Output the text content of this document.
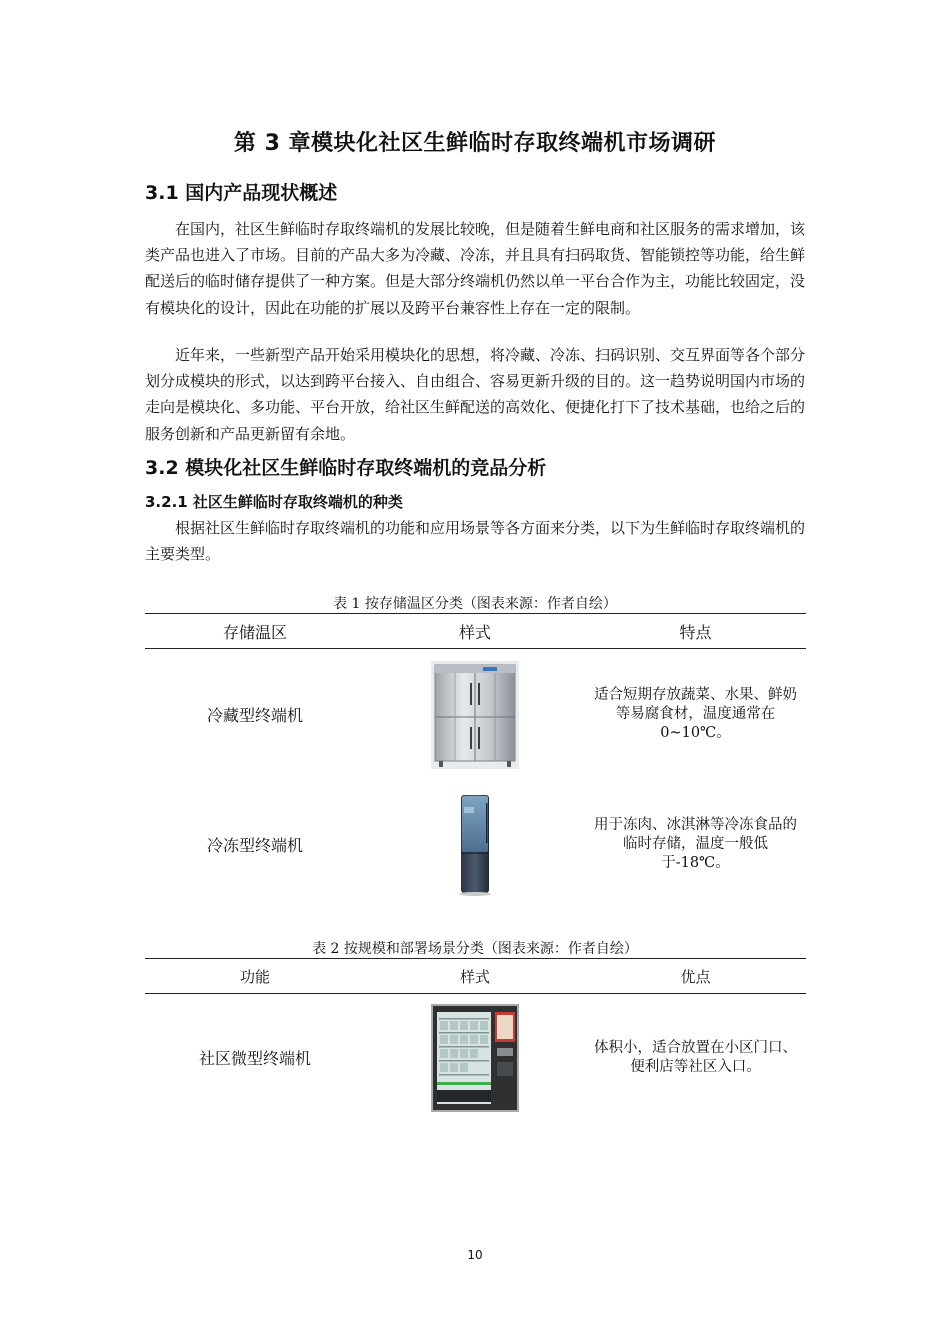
第 3 章模块化社区生鲜临时存取终端机市场调研
3.1 国内产品现状概述

在国内，社区生鲜临时存取终端机的发展比较晚，但是随着生鲜电商和社区服务的需求增加，该类产品也进入了市场。目前的产品大多为冷藏、冷冻，并且具有扫码取货、智能锁控等功能，给生鲜配送后的临时储存提供了一种方案。但是大部分终端机仍然以单一平台合作为主，功能比较固定，没有模块化的设计，因此在功能的扩展以及跨平台兼容性上存在一定的限制。

近年来，一些新型产品开始采用模块化的思想，将冷藏、冷冻、扫码识别、交互界面等各个部分划分成模块的形式，以达到跨平台接入、自由组合、容易更新升级的目的。这一趋势说明国内市场的走向是模块化、多功能、平台开放，给社区生鲜配送的高效化、便捷化打下了技术基础，也给之后的服务创新和产品更新留有余地。

3.2 模块化社区生鲜临时存取终端机的竞品分析
3.2.1 社区生鲜临时存取终端机的种类

根据社区生鲜临时存取终端机的功能和应用场景等各方面来分类，以下为生鲜临时存取终端机的主要类型。

表 1 按存储温区分类（图表来源：作者自绘）

存储温区	样式	特点
冷藏型终端机		适合短期存放蔬菜、水果、鲜奶等易腐食材，温度通常在 0~10℃。
冷冻型终端机		用于冻肉、冰淇淋等冷冻食品的临时存储，温度一般低于-18℃。

表 2 按规模和部署场景分类（图表来源：作者自绘）

功能	样式	优点
社区微型终端机		体积小，适合放置在小区门口、便利店等社区入口。
10
